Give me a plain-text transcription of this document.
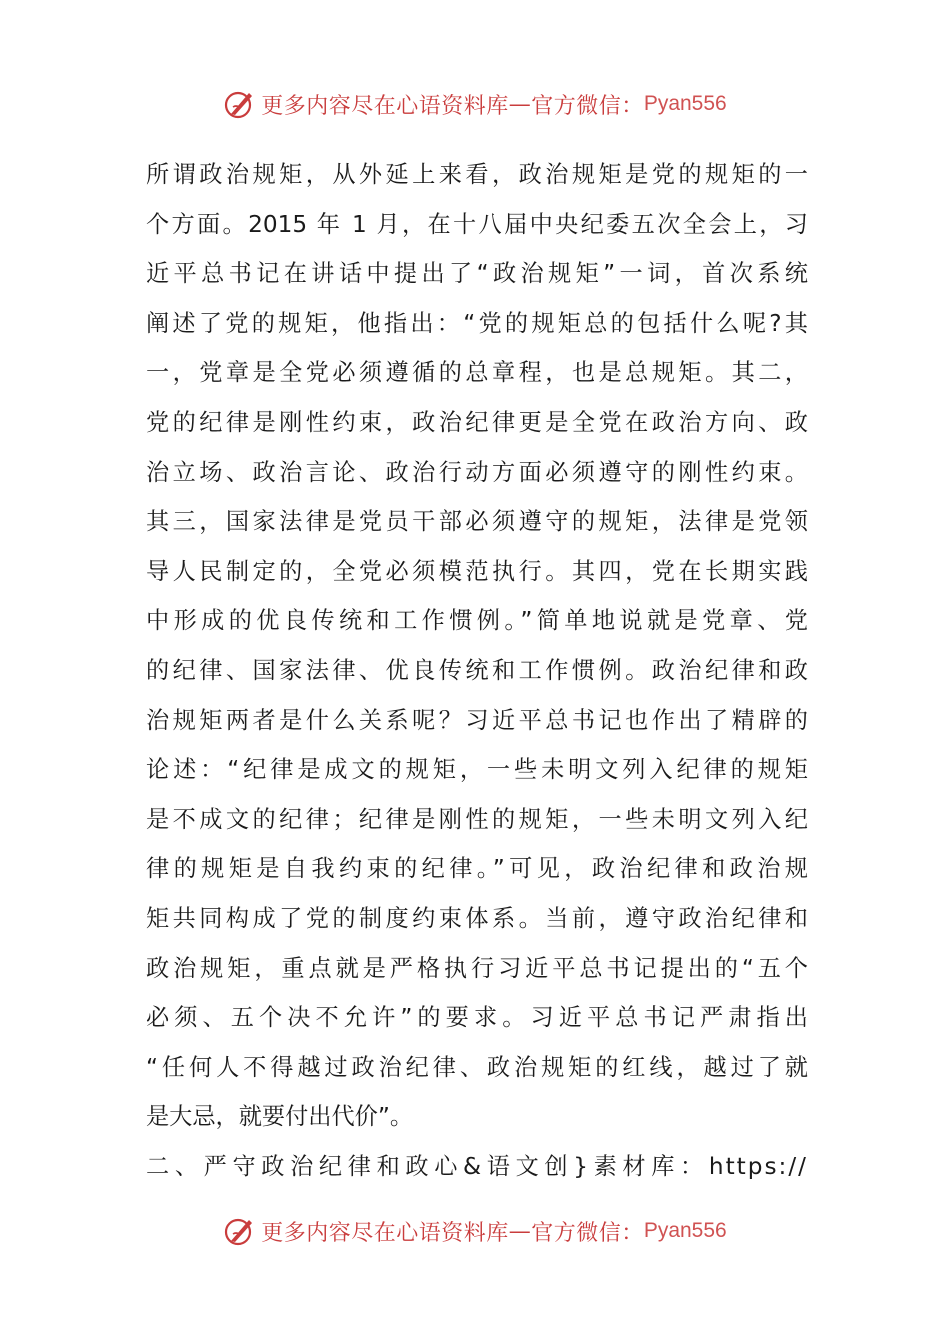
更多内容尽在心语资料库 — 官方微信： Pyan556
所谓政治规矩，从外延上来看，政治规矩是党的规矩的一
个方面。2015 年 1 月，在十八届中央纪委五次全会上，习
近平总书记在讲话中提出了“政治规矩”一词，首次系统
阐述了党的规矩，他指出：“党的规矩总的包括什么呢?其
一，党章是全党必须遵循的总章程，也是总规矩。其二，
党的纪律是刚性约束，政治纪律更是全党在政治方向、政
治立场、政治言论、政治行动方面必须遵守的刚性约束。
其三，国家法律是党员干部必须遵守的规矩，法律是党领
导人民制定的，全党必须模范执行。其四，党在长期实践
中形成的优良传统和工作惯例。”简单地说就是党章、党
的纪律、国家法律、优良传统和工作惯例。政治纪律和政
治规矩两者是什么关系呢？习近平总书记也作出了精辟的
论述：“纪律是成文的规矩，一些未明文列入纪律的规矩
是不成文的纪律；纪律是刚性的规矩，一些未明文列入纪
律的规矩是自我约束的纪律。”可见，政治纪律和政治规
矩共同构成了党的制度约束体系。当前，遵守政治纪律和
政治规矩，重点就是严格执行习近平总书记提出的“五个
必须、五个决不允许”的要求。习近平总书记严肃指出
“任何人不得越过政治纪律、政治规矩的红线，越过了就
是大忌，就要付出代价”。
二、严守政治纪律和政心&语文创}素材库：https://
更多内容尽在心语资料库 — 官方微信： Pyan556
